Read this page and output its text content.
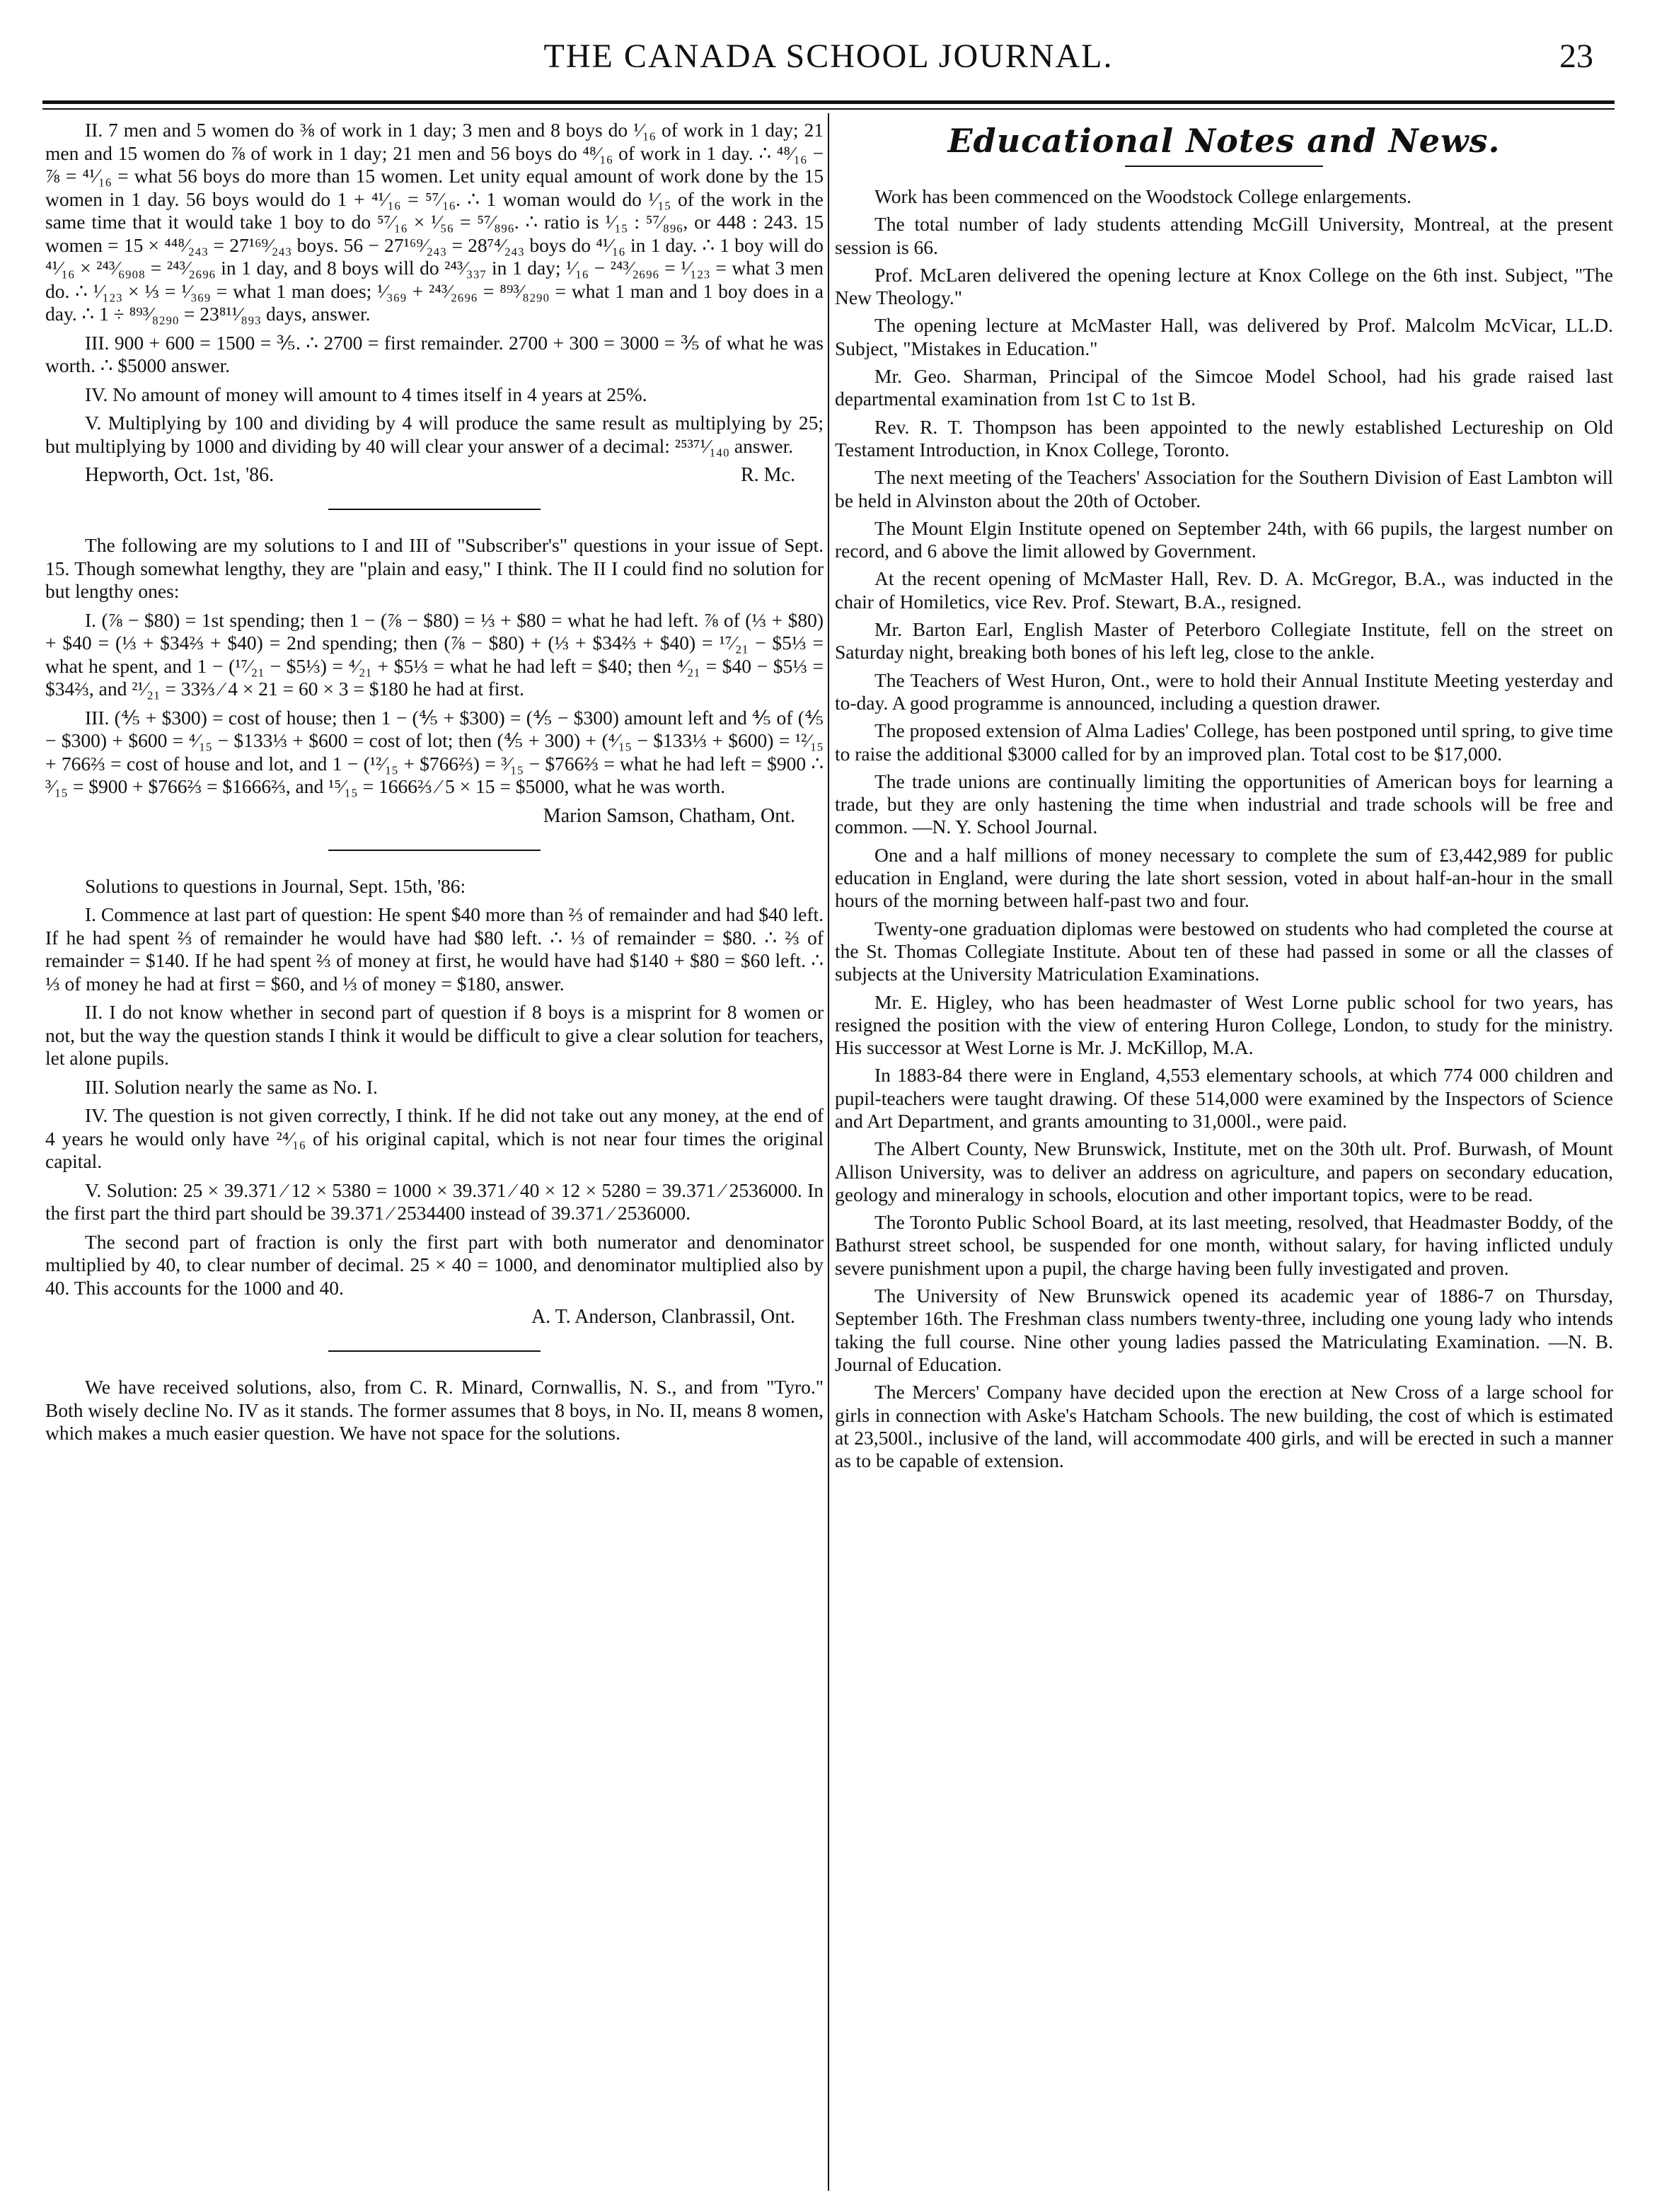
THE CANADA SCHOOL JOURNAL.	23

II. 7 men and 5 women do ⅜ of work in 1 day; 3 men and 8 boys do ¹⁄₁₆ of work in 1 day; 21 men and 15 women do ⅞ of work in 1 day; 21 men and 56 boys do ⁴⁸⁄₁₆ of work in 1 day. ∴ ⁴⁸⁄₁₆ − ⅞ = ⁴¹⁄₁₆ = what 56 boys do more than 15 women. Let unity equal amount of work done by the 15 women in 1 day. 56 boys would do 1 + ⁴¹⁄₁₆ = ⁵⁷⁄₁₆. ∴ 1 woman would do ¹⁄₁₅ of the work in the same time that it would take 1 boy to do ⁵⁷⁄₁₆ × ¹⁄₅₆ = ⁵⁷⁄₈₉₆. ∴ ratio is ¹⁄₁₅ : ⁵⁷⁄₈₉₆, or 448 : 243. 15 women = 15 × ⁴⁴⁸⁄₂₄₃ = 27¹⁶⁹⁄₂₄₃ boys. 56 − 27¹⁶⁹⁄₂₄₃ = 28⁷⁴⁄₂₄₃ boys do ⁴¹⁄₁₆ in 1 day. ∴ 1 boy will do ⁴¹⁄₁₆ × ²⁴³⁄₆₉₀₈ = ²⁴³⁄₂₆₉₆ in 1 day, and 8 boys will do ²⁴³⁄₃₃₇ in 1 day; ¹⁄₁₆ − ²⁴³⁄₂₆₉₆ = ¹⁄₁₂₃ = what 3 men do. ∴ ¹⁄₁₂₃ × ⅓ = ¹⁄₃₆₉ = what 1 man does; ¹⁄₃₆₉ + ²⁴³⁄₂₆₉₆ = ⁸⁹³⁄₈₂₉₀ = what 1 man and 1 boy does in a day. ∴ 1 ÷ ⁸⁹³⁄₈₂₉₀ = 23⁸¹¹⁄₈₉₃ days, answer.

III. 900 + 600 = 1500 = ⅗. ∴ 2700 = first remainder. 2700 + 300 = 3000 = ⅗ of what he was worth. ∴ $5000 answer.

IV. No amount of money will amount to 4 times itself in 4 years at 25%.

V. Multiplying by 100 and dividing by 4 will produce the same result as multiplying by 25; but multiplying by 1000 and dividing by 40 will clear your answer of a decimal: ²⁵³⁷¹⁄₁₄₀ answer.

Hepworth, Oct. 1st, '86.	R. Mc.

The following are my solutions to I and III of "Subscriber's" questions in your issue of Sept. 15. Though somewhat lengthy, they are "plain and easy," I think. The II I could find no solution for but lengthy ones:

I. (⅞ − $80) = 1st spending; then 1 − (⅞ − $80) = ⅓ + $80 = what he had left. ⅞ of (⅓ + $80) + $40 = (⅓ + $34⅔ + $40) = 2nd spending; then (⅞ − $80) + (⅓ + $34⅔ + $40) = ¹⁷⁄₂₁ − $5⅓ = what he spent, and 1 − (¹⁷⁄₂₁ − $5⅓) = ⁴⁄₂₁ + $5⅓ = what he had left = $40; then ⁴⁄₂₁ = $40 − $5⅓ = $34⅔, and ²¹⁄₂₁ = 33⅔ ⁄ 4 × 21 = 60 × 3 = $180 he had at first.

III. (⅘ + $300) = cost of house; then 1 − (⅘ + $300) = (⅘ − $300) amount left and ⅘ of (⅘ − $300) + $600 = ⁴⁄₁₅ − $133⅓ + $600 = cost of lot; then (⅘ + 300) + (⁴⁄₁₅ − $133⅓ + $600) = ¹²⁄₁₅ + 766⅔ = cost of house and lot, and 1 − (¹²⁄₁₅ + $766⅔) = ³⁄₁₅ − $766⅔ = what he had left = $900 ∴ ³⁄₁₅ = $900 + $766⅔ = $1666⅔, and ¹⁵⁄₁₅ = 1666⅔ ⁄ 5 × 15 = $5000, what he was worth.

Marion Samson, Chatham, Ont.

Solutions to questions in Journal, Sept. 15th, '86:

I. Commence at last part of question: He spent $40 more than ⅔ of remainder and had $40 left. If he had spent ⅔ of remainder he would have had $80 left. ∴ ⅓ of remainder = $80. ∴ ⅔ of remainder = $140. If he had spent ⅔ of money at first, he would have had $140 + $80 = $60 left. ∴ ⅓ of money he had at first = $60, and ⅓ of money = $180, answer.

II. I do not know whether in second part of question if 8 boys is a misprint for 8 women or not, but the way the question stands I think it would be difficult to give a clear solution for teachers, let alone pupils.

III. Solution nearly the same as No. I.

IV. The question is not given correctly, I think. If he did not take out any money, at the end of 4 years he would only have ²⁴⁄₁₆ of his original capital, which is not near four times the original capital.

V. Solution: 25 × 39.371 ⁄ 12 × 5380 = 1000 × 39.371 ⁄ 40 × 12 × 5280 = 39.371 ⁄ 2536000. In the first part the third part should be 39.371 ⁄ 2534400 instead of 39.371 ⁄ 2536000.

The second part of fraction is only the first part with both numerator and denominator multiplied by 40, to clear number of decimal. 25 × 40 = 1000, and denominator multiplied also by 40. This accounts for the 1000 and 40.

A. T. Anderson, Clanbrassil, Ont.

We have received solutions, also, from C. R. Minard, Cornwallis, N. S., and from "Tyro." Both wisely decline No. IV as it stands. The former assumes that 8 boys, in No. II, means 8 women, which makes a much easier question. We have not space for the solutions.

Educational Notes and News.

Work has been commenced on the Woodstock College enlargements.

The total number of lady students attending McGill University, Montreal, at the present session is 66.

Prof. McLaren delivered the opening lecture at Knox College on the 6th inst. Subject, "The New Theology."

The opening lecture at McMaster Hall, was delivered by Prof. Malcolm McVicar, LL.D. Subject, "Mistakes in Education."

Mr. Geo. Sharman, Principal of the Simcoe Model School, had his grade raised last departmental examination from 1st C to 1st B.

Rev. R. T. Thompson has been appointed to the newly established Lectureship on Old Testament Introduction, in Knox College, Toronto.

The next meeting of the Teachers' Association for the Southern Division of East Lambton will be held in Alvinston about the 20th of October.

The Mount Elgin Institute opened on September 24th, with 66 pupils, the largest number on record, and 6 above the limit allowed by Government.

At the recent opening of McMaster Hall, Rev. D. A. McGregor, B.A., was inducted in the chair of Homiletics, vice Rev. Prof. Stewart, B.A., resigned.

Mr. Barton Earl, English Master of Peterboro Collegiate Institute, fell on the street on Saturday night, breaking both bones of his left leg, close to the ankle.

The Teachers of West Huron, Ont., were to hold their Annual Institute Meeting yesterday and to-day. A good programme is announced, including a question drawer.

The proposed extension of Alma Ladies' College, has been postponed until spring, to give time to raise the additional $3000 called for by an improved plan. Total cost to be $17,000.

The trade unions are continually limiting the opportunities of American boys for learning a trade, but they are only hastening the time when industrial and trade schools will be free and common. —N. Y. School Journal.

One and a half millions of money necessary to complete the sum of £3,442,989 for public education in England, were during the late short session, voted in about half-an-hour in the small hours of the morning between half-past two and four.

Twenty-one graduation diplomas were bestowed on students who had completed the course at the St. Thomas Collegiate Institute. About ten of these had passed in some or all the classes of subjects at the University Matriculation Examinations.

Mr. E. Higley, who has been headmaster of West Lorne public school for two years, has resigned the position with the view of entering Huron College, London, to study for the ministry. His successor at West Lorne is Mr. J. McKillop, M.A.

In 1883-84 there were in England, 4,553 elementary schools, at which 774 000 children and pupil-teachers were taught drawing. Of these 514,000 were examined by the Inspectors of Science and Art Department, and grants amounting to 31,000l., were paid.

The Albert County, New Brunswick, Institute, met on the 30th ult. Prof. Burwash, of Mount Allison University, was to deliver an address on agriculture, and papers on secondary education, geology and mineralogy in schools, elocution and other important topics, were to be read.

The Toronto Public School Board, at its last meeting, resolved, that Headmaster Boddy, of the Bathurst street school, be suspended for one month, without salary, for having inflicted unduly severe punishment upon a pupil, the charge having been fully investigated and proven.

The University of New Brunswick opened its academic year of 1886-7 on Thursday, September 16th. The Freshman class numbers twenty-three, including one young lady who intends taking the full course. Nine other young ladies passed the Matriculating Examination. —N. B. Journal of Education.

The Mercers' Company have decided upon the erection at New Cross of a large school for girls in connection with Aske's Hatcham Schools. The new building, the cost of which is estimated at 23,500l., inclusive of the land, will accommodate 400 girls, and will be erected in such a manner as to be capable of extension.
